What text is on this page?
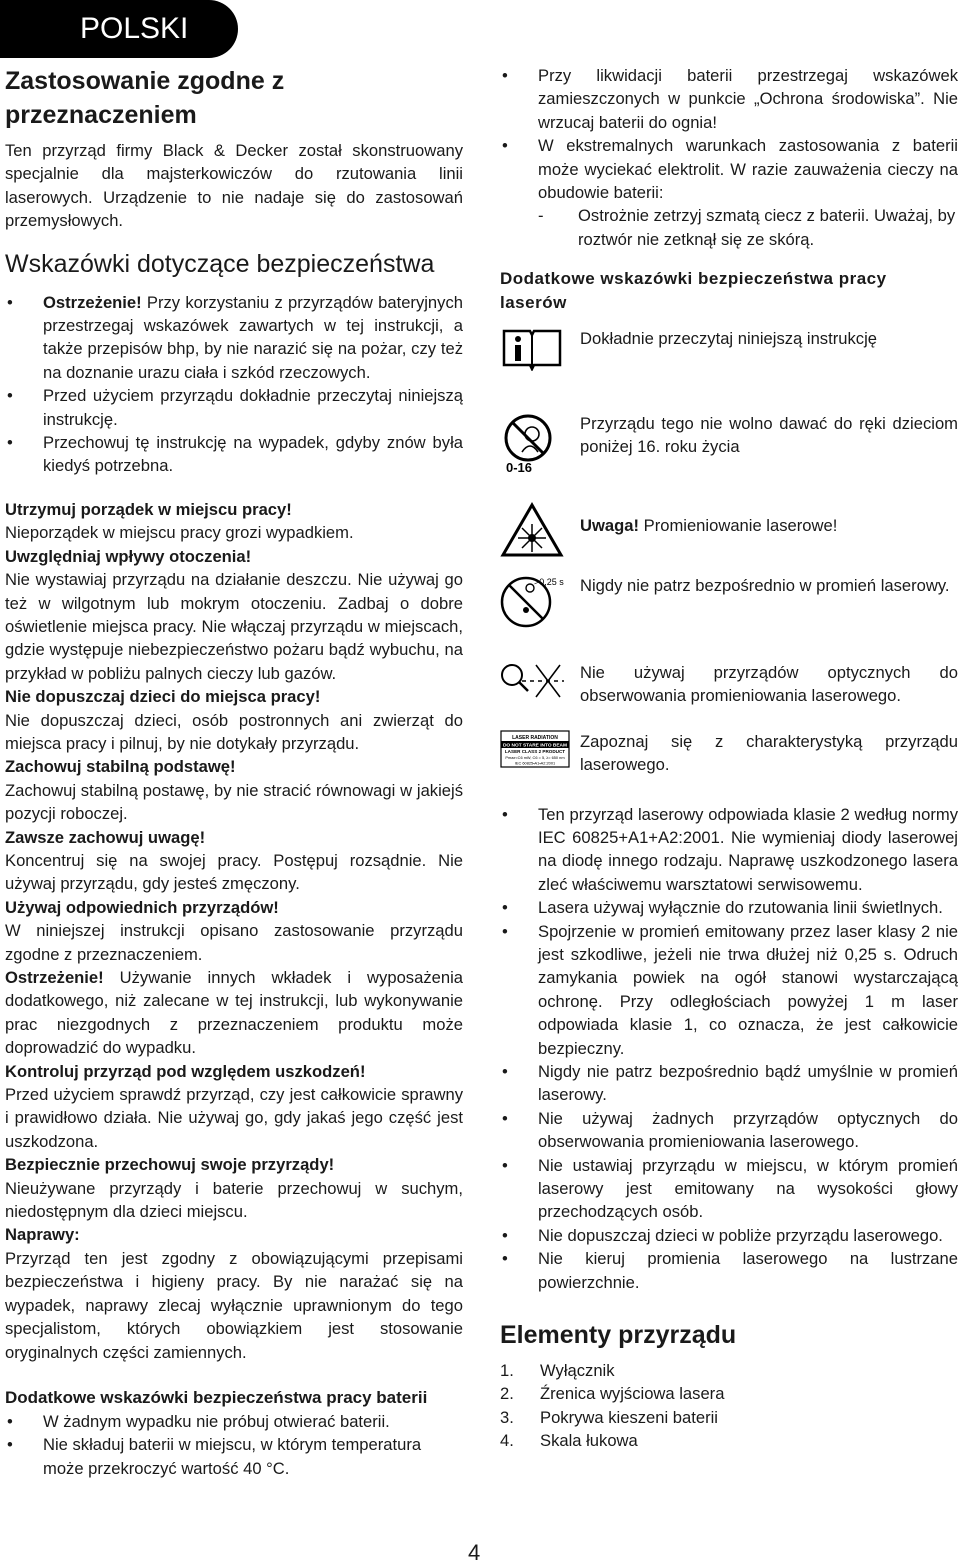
POLSKI
Zastosowanie zgodne z przeznaczeniem

Ten przyrząd firmy Black & Decker został skonstruowany specjalnie dla majsterkowiczów do rzutowania linii laserowych. Urządzenie to nie nadaje się do zastosowań przemysłowych.

Wskazówki dotyczące bezpieczeństwa
• Ostrzeżenie! Przy korzystaniu z przyrządów bateryjnych przestrzegaj wskazówek zawartych w tej instrukcji, a także przepisów bhp, by nie narazić się na pożar, czy też na doznanie urazu ciała i szkód rzeczowych.
• Przed użyciem przyrządu dokładnie przeczytaj niniejszą instrukcję.
• Przechowuj tę instrukcję na wypadek, gdyby znów była kiedyś potrzebna.

Utrzymuj porządek w miejscu pracy!

Nieporządek w miejscu pracy grozi wypadkiem.

Uwzględniaj wpływy otoczenia!

Nie wystawiaj przyrządu na działanie deszczu. Nie używaj go też w wilgotnym lub mokrym otoczeniu. Zadbaj o dobre oświetlenie miejsca pracy. Nie włączaj przyrządu w miejscach, gdzie występuje niebezpieczeństwo pożaru bądź wybuchu, na przykład w pobliżu palnych cieczy lub gazów.

Nie dopuszczaj dzieci do miejsca pracy!

Nie dopuszczaj dzieci, osób postronnych ani zwierząt do miejsca pracy i pilnuj, by nie dotykały przyrządu.

Zachowuj stabilną podstawę!

Zachowuj stabilną postawę, by nie stracić równowagi w jakiejś pozycji roboczej.

Zawsze zachowuj uwagę!

Koncentruj się na swojej pracy. Postępuj rozsądnie. Nie używaj przyrządu, gdy jesteś zmęczony.

Używaj odpowiednich przyrządów!

W niniejszej instrukcji opisano zastosowanie przyrządu zgodne z przeznaczeniem.

Ostrzeżenie! Używanie innych wkładek i wyposażenia dodatkowego, niż zalecane w tej instrukcji, lub wykonywanie prac niezgodnych z przeznaczeniem produktu może doprowadzić do wypadku.

Kontroluj przyrząd pod względem uszkodzeń!

Przed użyciem sprawdź przyrząd, czy jest całkowicie sprawny i prawidłowo działa. Nie używaj go, gdy jakaś jego część jest uszkodzona.

Bezpiecznie przechowuj swoje przyrządy!

Nieużywane przyrządy i baterie przechowuj w suchym, niedostępnym dla dzieci miejscu.

Naprawy:

Przyrząd ten jest zgodny z obowiązującymi przepisami bezpieczeństwa i higieny pracy. By nie narażać się na wypadek, naprawy zlecaj wyłącznie uprawnionym do tego specjalistom, których obowiązkiem jest stosowanie oryginalnych części zamiennych.

Dodatkowe wskazówki bezpieczeństwa pracy baterii
• W żadnym wypadku nie próbuj otwierać baterii.
• Nie składuj baterii w miejscu, w którym temperatura może przekroczyć wartość 40 °C.
• Przy likwidacji baterii przestrzegaj wskazówek zamieszczonych w punkcie „Ochrona środowiska”. Nie wrzucaj baterii do ognia!
• W ekstremalnych warunkach zastosowania z baterii może wyciekać elektrolit. W razie zauważenia cieczy na obudowie baterii:
- Ostrożnie zetrzyj szmatą ciecz z baterii. Uważaj, by roztwór nie zetknął się ze skórą.
Dodatkowe wskazówki bezpieczeństwa pracy laserów
Dokładnie przeczytaj niniejszą instrukcję
0-16
Przyrządu tego nie wolno dawać do ręki dzieciom poniżej 16. roku życia
Uwaga! Promieniowanie laserowe!
>0,25 s Nigdy nie patrz bezpośrednio w promień laserowy.
Nie używaj przyrządów optycznych do obserwowania promieniowania laserowego.
LASER RADIATION
DO NOT STARE INTO BEAM
LASER CLASS 2 PRODUCT
Pmax<C6 mW, C6 = 5, λ= 650 nm
IEC 60825•A1•A2:2001
Zapoznaj się z charakterystyką przyrządu laserowego.
• Ten przyrząd laserowy odpowiada klasie 2 według normy IEC 60825+A1+A2:2001. Nie wymieniaj diody laserowej na diodę innego rodzaju. Naprawę uszkodzonego lasera zleć właściwemu warsztatowi serwisowemu.
• Lasera używaj wyłącznie do rzutowania linii świetlnych.
• Spojrzenie w promień emitowany przez laser klasy 2 nie jest szkodliwe, jeżeli nie trwa dłużej niż 0,25 s. Odruch zamykania powiek na ogół stanowi wystarczającą ochronę. Przy odległościach powyżej 1 m laser odpowiada klasie 1, co oznacza, że jest całkowicie bezpieczny.
• Nigdy nie patrz bezpośrednio bądź umyślnie w promień laserowy.
• Nie używaj żadnych przyrządów optycznych do obserwowania promieniowania laserowego.
• Nie ustawiaj przyrządu w miejscu, w którym promień laserowy jest emitowany na wysokości głowy przechodzących osób.
• Nie dopuszczaj dzieci w pobliże przyrządu laserowego.
• Nie kieruj promienia laserowego na lustrzane powierzchnie.
Elementy przyrządu
1. Wyłącznik
2. Źrenica wyjściowa lasera
3. Pokrywa kieszeni baterii
4. Skala łukowa
4
